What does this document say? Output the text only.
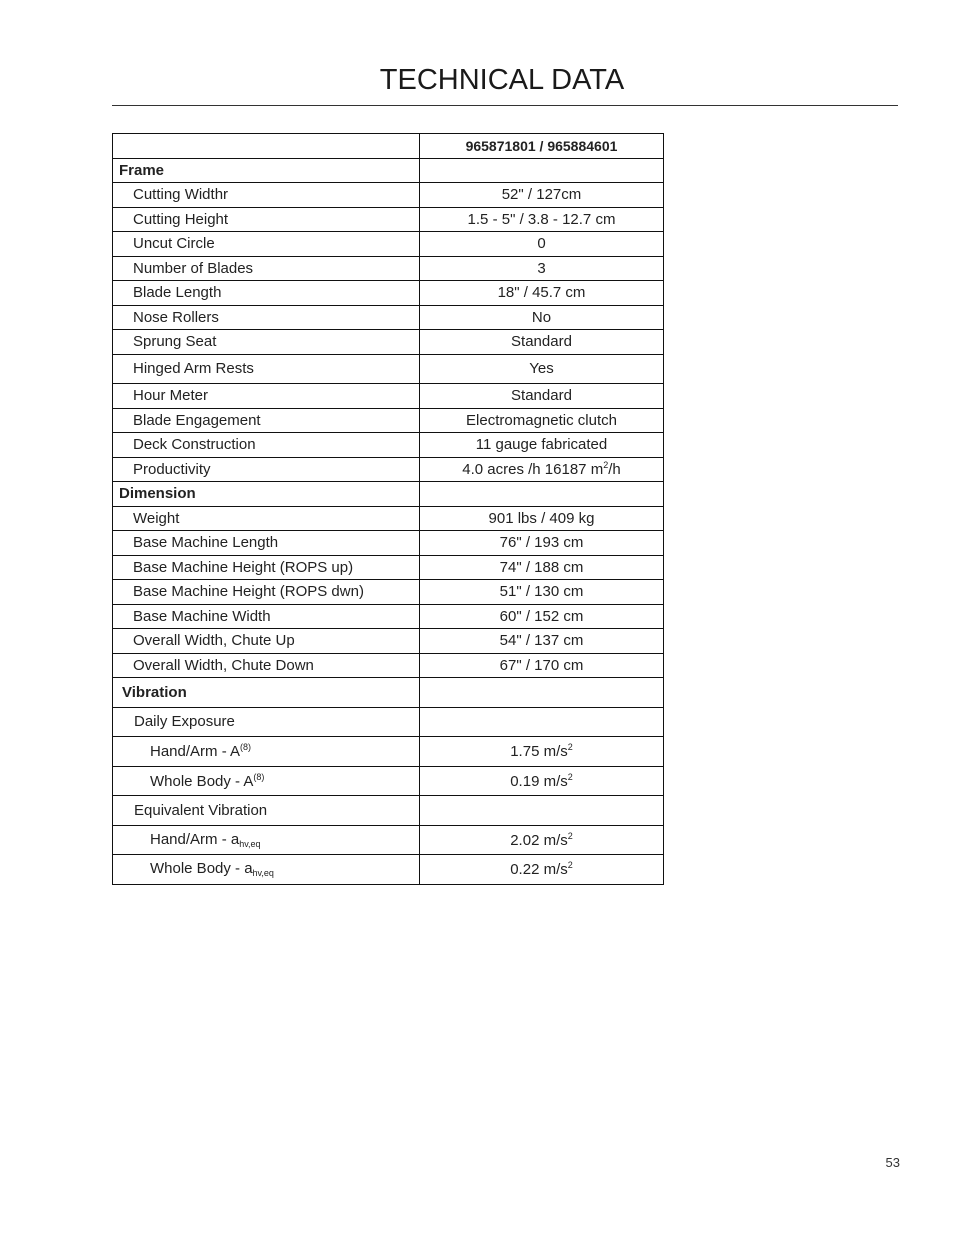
TECHNICAL DATA
	965871801 / 965884601
Frame	
Cutting Widthr	52" / 127cm
Cutting Height	1.5 - 5" / 3.8 - 12.7 cm
Uncut Circle	0
Number of Blades	3
Blade Length	18" / 45.7 cm
Nose Rollers	No
Sprung Seat	Standard
Hinged Arm Rests	Yes
Hour Meter	Standard
Blade Engagement	Electromagnetic clutch
Deck Construction	11 gauge fabricated
Productivity	4.0 acres /h 16187 $m^2/h$
Dimension	
Weight	901 lbs / 409 kg
Base Machine Length	76" / 193 cm
Base Machine Height (ROPS up)	74" / 188 cm
Base Machine Height (ROPS dwn)	51" / 130 cm
Base Machine Width	60" / 152 cm
Overall Width, Chute Up	54" / 137 cm
Overall Width, Chute Down	67" / 170 cm
Vibration	
Daily Exposure	
Hand/Arm - $A^{(8)}$	1.75 $m/s^2$
Whole Body - $A^{(8)}$	0.19 $m/s^2$
Equivalent Vibration	
Hand/Arm - $a_{hv,eq}$	2.02 $m/s^2$
Whole Body - $a_{hv,eq}$	0.22 $m/s^2$
53
